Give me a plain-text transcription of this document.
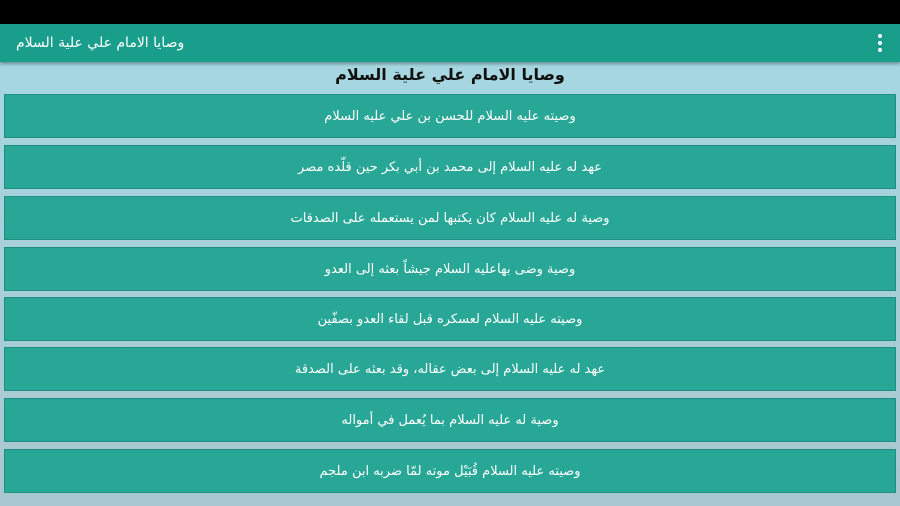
وصايا الامام علي علية السلام
وصايا الامام علي علية السلام
وصيته عليه السلام للحسن بن علي عليه السلام
عهد له عليه السلام إلى محمد بن أبي بكر حين قلّده مصر
وصية له عليه السلام كان يكتبها لمن يستعمله على الصدقات
وصية وضى بهاعليه السلام جيشاً بعثه إلى العدو
وصيته عليه السلام لعسكره قبل لقاء العدو بصفّين
عهد له عليه السلام إلى بعض عقاله، وقد بعثه على الصدقة
وصية له عليه السلام بما يُعمل في أمواله
وصيته عليه السلام قُبَيْل موته لمّا ضربه ابن ملجم
